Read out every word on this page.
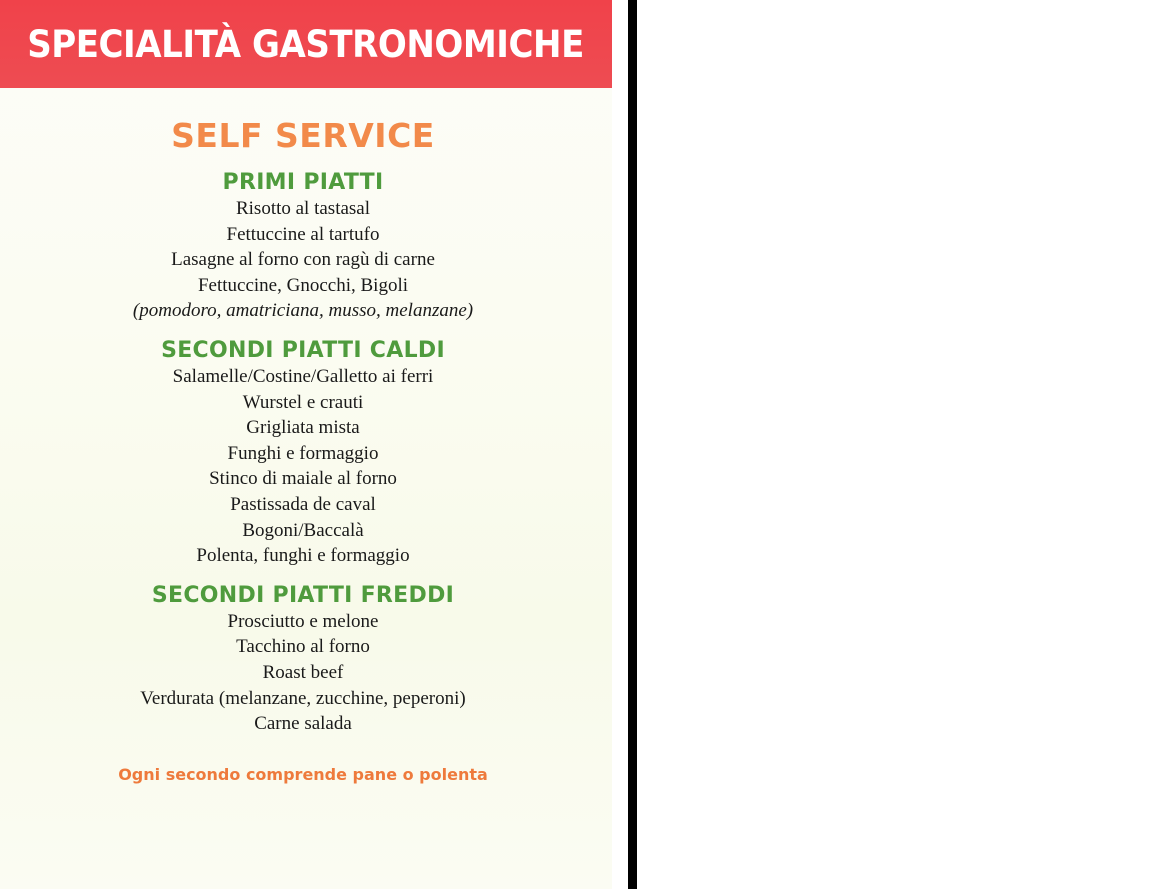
SPECIALITÀ GASTRONOMICHE
SELF SERVICE
PRIMI PIATTI
Risotto al tastasal
Fettuccine al tartufo
Lasagne al forno con ragù di carne
Fettuccine, Gnocchi, Bigoli
(pomodoro, amatriciana, musso, melanzane)
SECONDI PIATTI CALDI
Salamelle/Costine/Galletto ai ferri
Wurstel e crauti
Grigliata mista
Funghi e formaggio
Stinco di maiale al forno
Pastissada de caval
Bogoni/Baccalà
Polenta, funghi e formaggio
SECONDI PIATTI FREDDI
Prosciutto e melone
Tacchino al forno
Roast beef
Verdurata (melanzane, zucchine, peperoni)
Carne salada
Ogni secondo comprende pane o polenta
